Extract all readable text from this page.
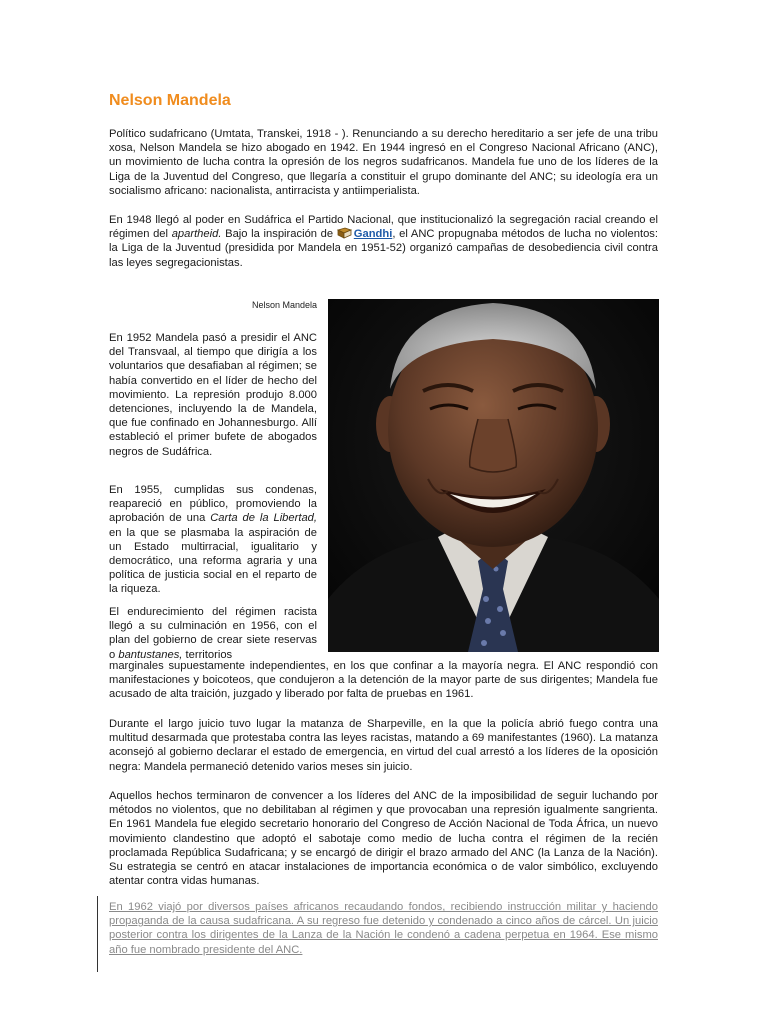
Nelson Mandela

Político sudafricano (Umtata, Transkei, 1918 - ). Renunciando a su derecho hereditario a ser jefe de una tribu xosa, Nelson Mandela se hizo abogado en 1942. En 1944 ingresó en el Congreso Nacional Africano (ANC), un movimiento de lucha contra la opresión de los negros sudafricanos. Mandela fue uno de los líderes de la Liga de la Juventud del Congreso, que llegaría a constituir el grupo dominante del ANC; su ideología era un socialismo africano: nacionalista, antirracista y antiimperialista.

En 1948 llegó al poder en Sudáfrica el Partido Nacional, que institucionalizó la segregación racial creando el régimen del apartheid. Bajo la inspiración de Gandhi, el ANC propugnaba métodos de lucha no violentos: la Liga de la Juventud (presidida por Mandela en 1951-52) organizó campañas de desobediencia civil contra las leyes segregacionistas.

Nelson Mandela

En 1952 Mandela pasó a presidir el ANC del Transvaal, al tiempo que dirigía a los voluntarios que desafiaban al régimen; se había convertido en el líder de hecho del movimiento. La represión produjo 8.000 detenciones, incluyendo la de Mandela, que fue confinado en Johannesburgo. Allí estableció el primer bufete de abogados negros de Sudáfrica.

En 1955, cumplidas sus condenas, reapareció en público, promoviendo la aprobación de una Carta de la Libertad, en la que se plasmaba la aspiración de un Estado multirracial, igualitario y democrático, una reforma agraria y una política de justicia social en el reparto de la riqueza.

El endurecimiento del régimen racista llegó a su culminación en 1956, con el plan del gobierno de crear siete reservas o bantustanes, territorios

marginales supuestamente independientes, en los que confinar a la mayoría negra. El ANC respondió con manifestaciones y boicoteos, que condujeron a la detención de la mayor parte de sus dirigentes; Mandela fue acusado de alta traición, juzgado y liberado por falta de pruebas en 1961.

Durante el largo juicio tuvo lugar la matanza de Sharpeville, en la que la policía abrió fuego contra una multitud desarmada que protestaba contra las leyes racistas, matando a 69 manifestantes (1960). La matanza aconsejó al gobierno declarar el estado de emergencia, en virtud del cual arrestó a los líderes de la oposición negra: Mandela permaneció detenido varios meses sin juicio.

Aquellos hechos terminaron de convencer a los líderes del ANC de la imposibilidad de seguir luchando por métodos no violentos, que no debilitaban al régimen y que provocaban una represión igualmente sangrienta. En 1961 Mandela fue elegido secretario honorario del Congreso de Acción Nacional de Toda África, un nuevo movimiento clandestino que adoptó el sabotaje como medio de lucha contra el régimen de la recién proclamada República Sudafricana; y se encargó de dirigir el brazo armado del ANC (la Lanza de la Nación). Su estrategia se centró en atacar instalaciones de importancia económica o de valor simbólico, excluyendo atentar contra vidas humanas.

En 1962 viajó por diversos países africanos recaudando fondos, recibiendo instrucción militar y haciendo propaganda de la causa sudafricana. A su regreso fue detenido y condenado a cinco años de cárcel. Un juicio posterior contra los dirigentes de la Lanza de la Nación le condenó a cadena perpetua en 1964. Ese mismo año fue nombrado presidente del ANC.
